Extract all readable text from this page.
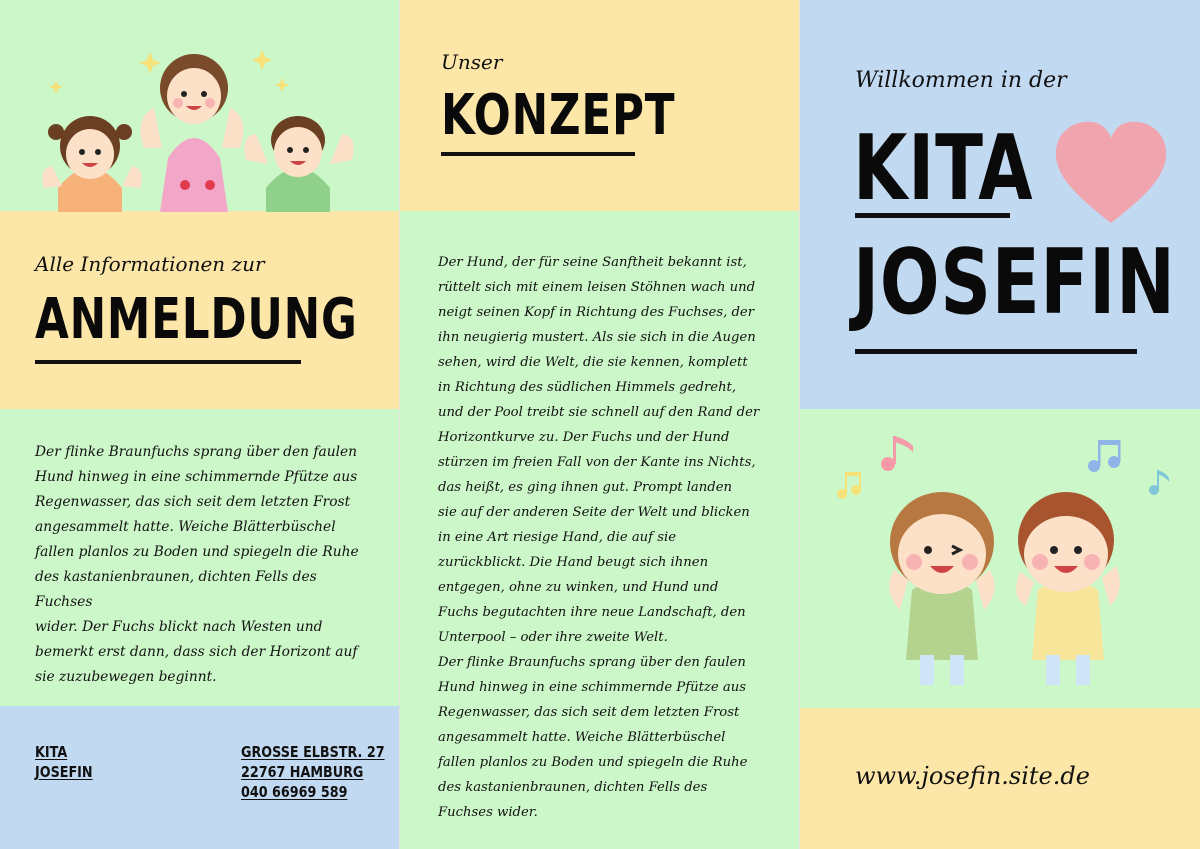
Alle Informationen zur
ANMELDUNG

Der flinke Braunfuchs sprang über den faulen
Hund hinweg in eine schimmernde Pfütze aus
Regenwasser, das sich seit dem letzten Frost
angesammelt hatte. Weiche Blätterbüschel
fallen planlos zu Boden und spiegeln die Ruhe
des kastanienbraunen, dichten Fells des Fuchses
wider. Der Fuchs blickt nach Westen und
bemerkt erst dann, dass sich der Horizont auf
sie zuzubewegen beginnt.

KITA
JOSEFIN
GROSSE ELBSTR. 27
22767 HAMBURG
040 66969 589
Unser
KONZEPT

Der Hund, der für seine Sanftheit bekannt ist,
rüttelt sich mit einem leisen Stöhnen wach und
neigt seinen Kopf in Richtung des Fuchses, der
ihn neugierig mustert. Als sie sich in die Augen
sehen, wird die Welt, die sie kennen, komplett
in Richtung des südlichen Himmels gedreht,
und der Pool treibt sie schnell auf den Rand der
Horizontkurve zu. Der Fuchs und der Hund
stürzen im freien Fall von der Kante ins Nichts,
das heißt, es ging ihnen gut. Prompt landen
sie auf der anderen Seite der Welt und blicken
in eine Art riesige Hand, die auf sie
zurückblickt. Die Hand beugt sich ihnen
entgegen, ohne zu winken, und Hund und
Fuchs begutachten ihre neue Landschaft, den
Unterpool – oder ihre zweite Welt.
Der flinke Braunfuchs sprang über den faulen
Hund hinweg in eine schimmernde Pfütze aus
Regenwasser, das sich seit dem letzten Frost
angesammelt hatte. Weiche Blätterbüschel
fallen planlos zu Boden und spiegeln die Ruhe
des kastanienbraunen, dichten Fells des
Fuchses wider.

Willkommen in der
KITA
JOSEFIN
www.josefin.site.de
